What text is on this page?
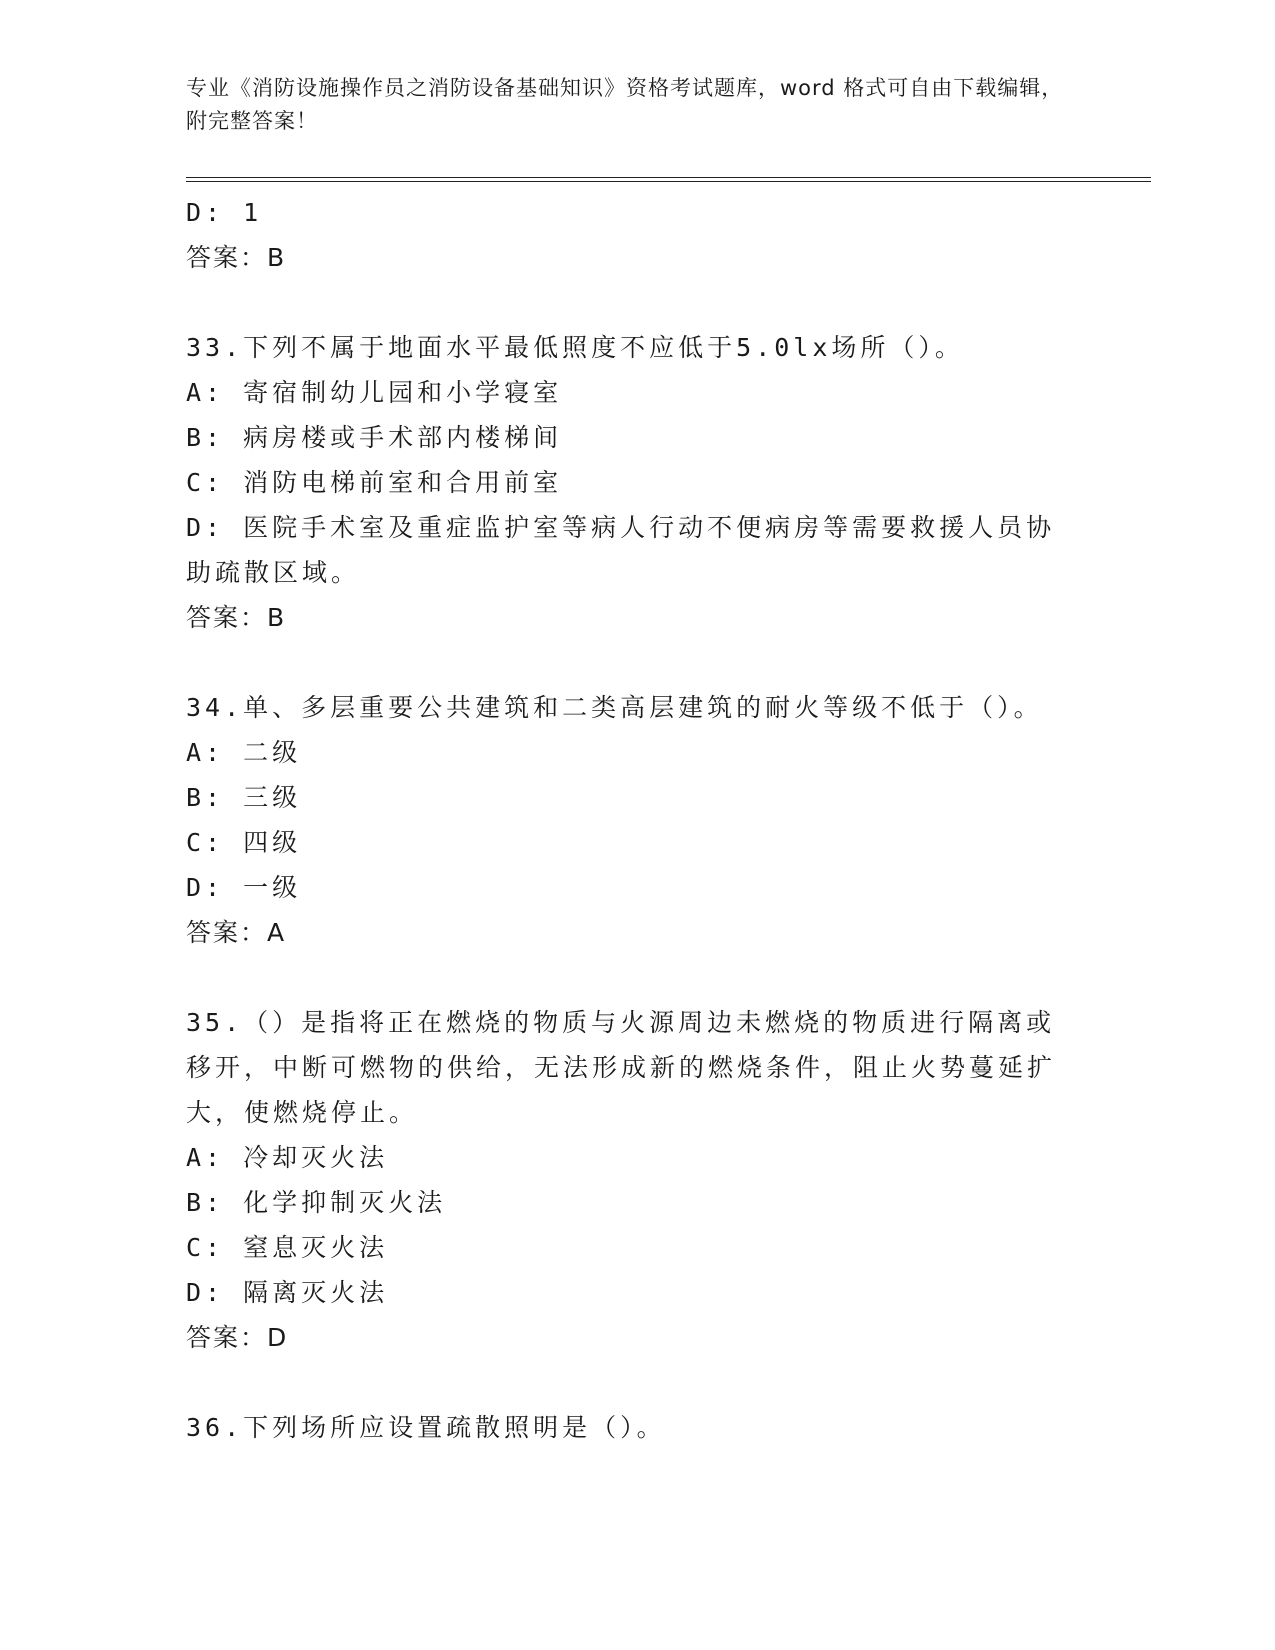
专业《消防设施操作员之消防设备基础知识》资格考试题库，word 格式可自由下载编辑，附完整答案！
D: 1
答案：B
33.下列不属于地面水平最低照度不应低于5.0lx场所（）。
A: 寄宿制幼儿园和小学寝室
B: 病房楼或手术部内楼梯间
C: 消防电梯前室和合用前室
D: 医院手术室及重症监护室等病人行动不便病房等需要救援人员协助疏散区域。
答案：B
34.单、多层重要公共建筑和二类高层建筑的耐火等级不低于（）。
A: 二级
B: 三级
C: 四级
D: 一级
答案：A
35.（）是指将正在燃烧的物质与火源周边未燃烧的物质进行隔离或移开，中断可燃物的供给，无法形成新的燃烧条件，阻止火势蔓延扩大，使燃烧停止。
A: 冷却灭火法
B: 化学抑制灭火法
C: 窒息灭火法
D: 隔离灭火法
答案：D
36.下列场所应设置疏散照明是（）。
